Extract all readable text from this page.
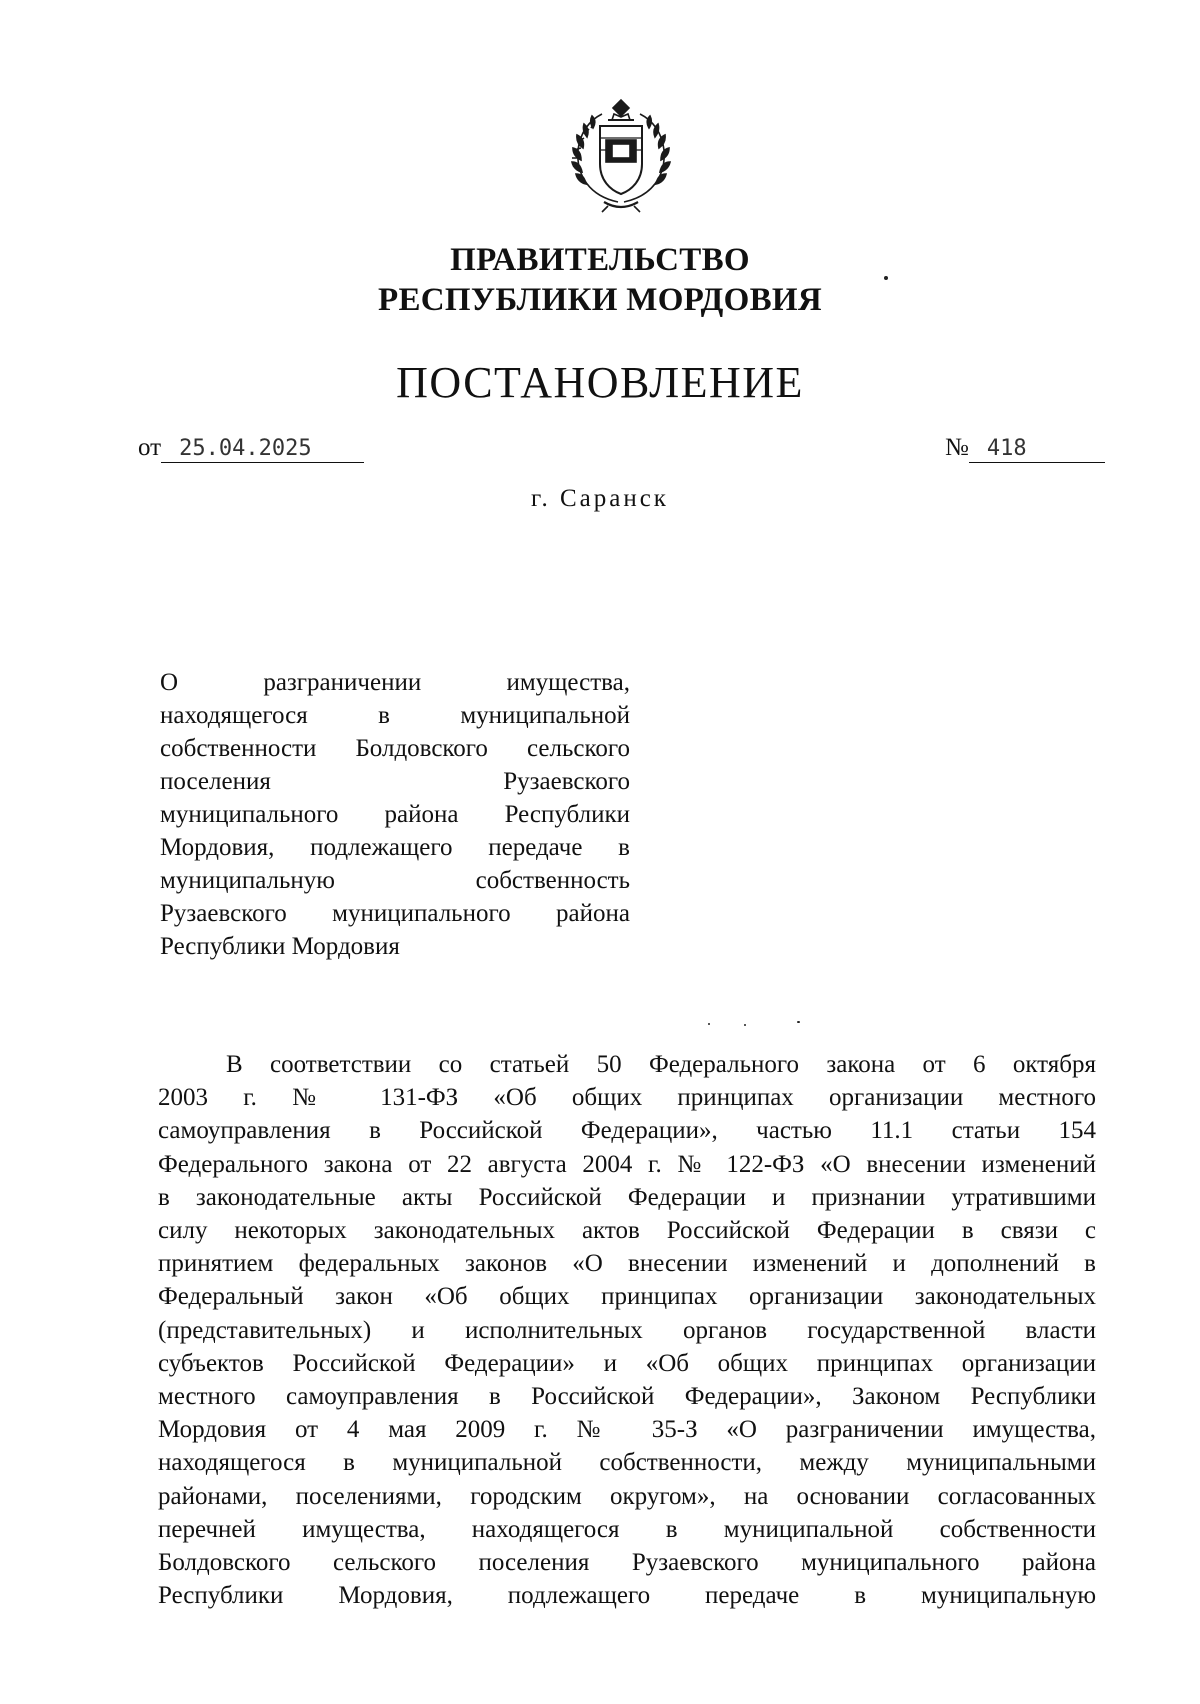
ПРАВИТЕЛЬСТВО
РЕСПУБЛИКИ МОРДОВИЯ
ПОСТАНОВЛЕНИЕ
от 25.04.2025	№ 418
г. Саранск
О разграничении имущества,
находящегося в муниципальной
собственности Болдовского сельского
поселения Рузаевского
муниципального района Республики
Мордовия, подлежащего передаче в
муниципальную собственность
Рузаевского муниципального района
Республики Мордовия
В соответствии со статьей 50 Федерального закона от 6 октября
2003 г. № 131-ФЗ «Об общих принципах организации местного
самоуправления в Российской Федерации», частью 11.1 статьи 154
Федерального закона от 22 августа 2004 г. № 122-ФЗ «О внесении изменений
в законодательные акты Российской Федерации и признании утратившими
силу некоторых законодательных актов Российской Федерации в связи с
принятием федеральных законов «О внесении изменений и дополнений в
Федеральный закон «Об общих принципах организации законодательных
(представительных) и исполнительных органов государственной власти
субъектов Российской Федерации» и «Об общих принципах организации
местного самоуправления в Российской Федерации», Законом Республики
Мордовия от 4 мая 2009 г. № 35-З «О разграничении имущества,
находящегося в муниципальной собственности, между муниципальными
районами, поселениями, городским округом», на основании согласованных
перечней имущества, находящегося в муниципальной собственности
Болдовского сельского поселения Рузаевского муниципального района
Республики Мордовия, подлежащего передаче в муниципальную
